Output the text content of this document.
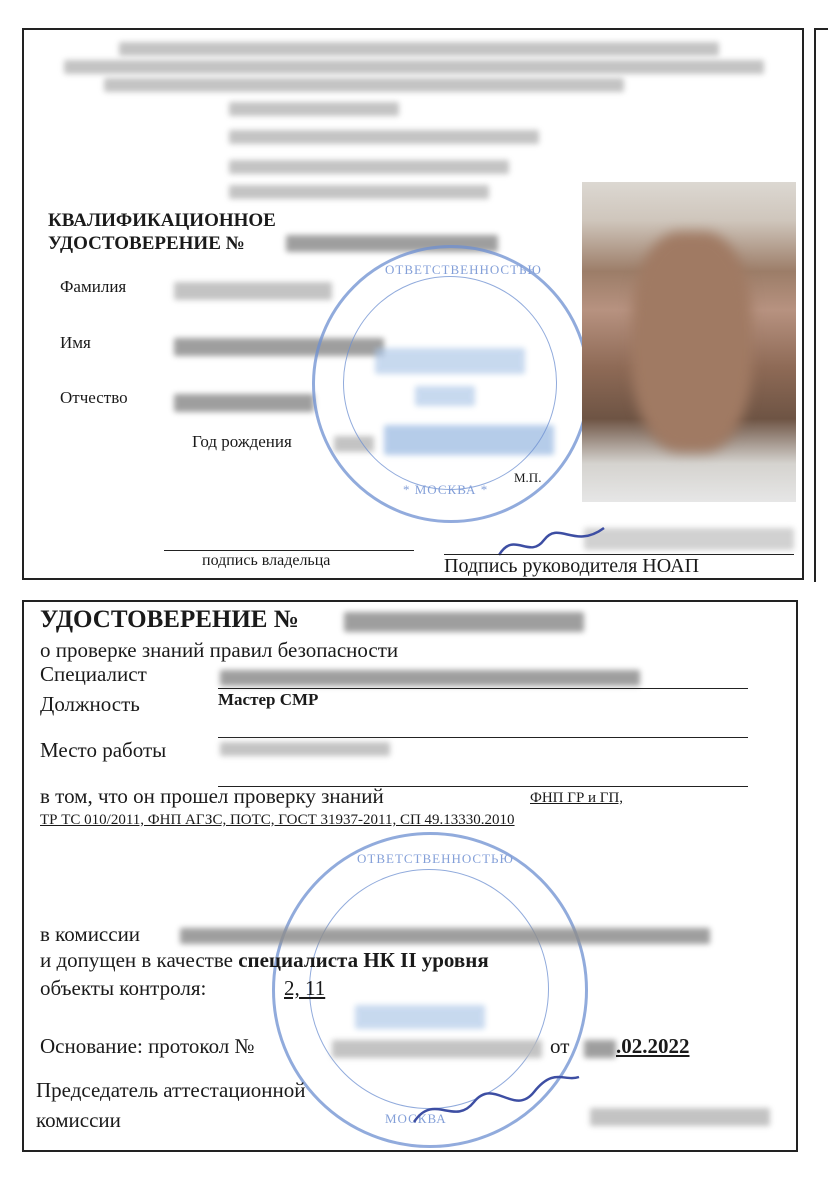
КВАЛИФИКАЦИОННОЕ
УДОСТОВЕРЕНИЕ №
Фамилия
Имя
Отчество
Год рождения
ОТВЕТСТВЕННОСТЬЮ
* МОСКВА *
М.П.
подпись владельца	Подпись руководителя НОАП
УДОСТОВЕРЕНИЕ №
о проверке знаний правил безопасности
Специалист
Должность	Мастер СМР
Место работы
в том, что он прошел проверку знаний	ФНП ГР и ГП,
ТР ТС 010/2011, ФНП АГЗС, ПОТС, ГОСТ 31937-2011, СП 49.13330.2010
ОТВЕТСТВЕННОСТЬЮ
МОСКВА
в комиссии
и допущен в качестве специалиста НК II уровня
объекты контроля:	2, 11
Основание: протокол №	от .02.2022
Председатель аттестационной
комиссии
